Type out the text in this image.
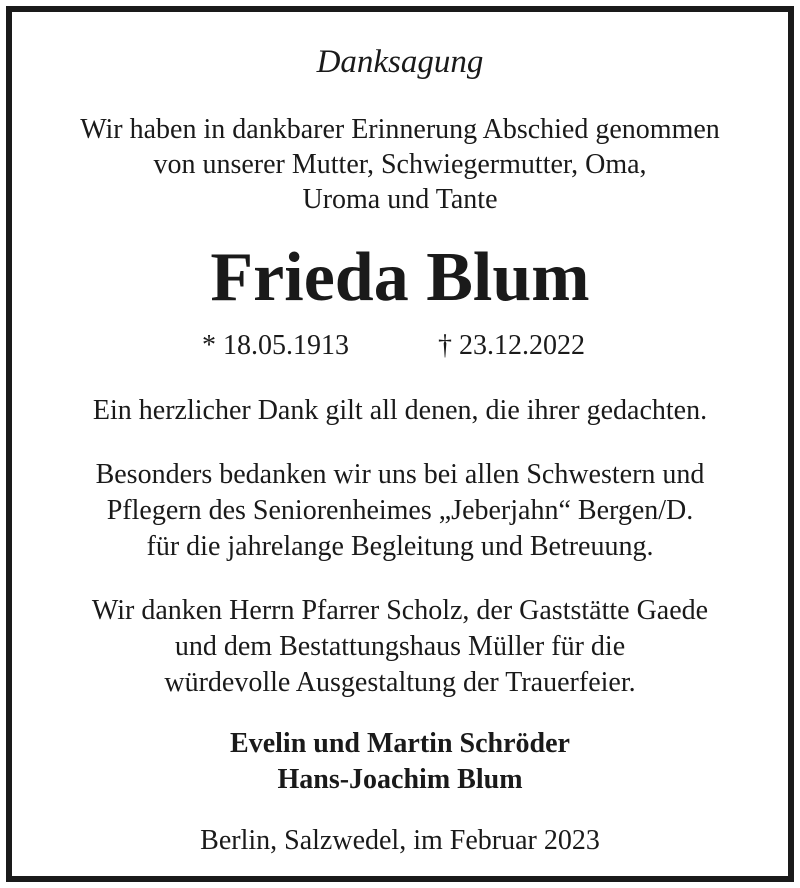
Danksagung
Wir haben in dankbarer Erinnerung Abschied genommen
von unserer Mutter, Schwiegermutter, Oma,
Uroma und Tante
Frieda Blum
* 18.05.1913	† 23.12.2022
Ein herzlicher Dank gilt all denen, die ihrer gedachten.
Besonders bedanken wir uns bei allen Schwestern und
Pflegern des Seniorenheimes „Jeberjahn“ Bergen/D.
für die jahrelange Begleitung und Betreuung.
Wir danken Herrn Pfarrer Scholz, der Gaststätte Gaede
und dem Bestattungshaus Müller für die
würdevolle Ausgestaltung der Trauerfeier.
Evelin und Martin Schröder
Hans-Joachim Blum
Berlin, Salzwedel, im Februar 2023
